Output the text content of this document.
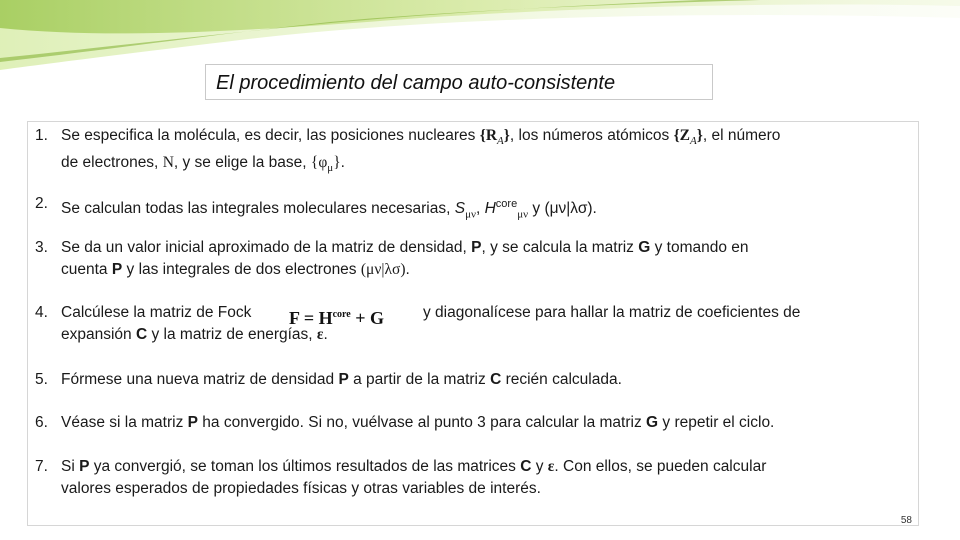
El procedimiento del campo auto-consistente
1. Se especifica la molécula, es decir, las posiciones nucleares $\{R_A\}$, los números atómicos $\{Z_A\}$, el número
de electrones, N, y se elige la base, $\{\varphi_\mu\}$.
2. Se calculan todas las integrales moleculares necesarias, $S_{\mu\nu}$, $H^{core}_{\mu\nu}$ y (μν|λσ).
3. Se da un valor inicial aproximado de la matriz de densidad, P, y se calcula la matriz G y tomando en
cuenta P y las integrales de dos electrones (μν|λσ).
4. Calcúlese la matriz de Fock $F = H^{core} + G$	y diagonalícese para hallar la matriz de coeficientes de
expansión C y la matriz de energías, ε.
5. Fórmese una nueva matriz de densidad P a partir de la matriz C recién calculada.
6. Véase si la matriz P ha convergido. Si no, vuélvase al punto 3 para calcular la matriz G y repetir el ciclo.
7. Si P ya convergió, se toman los últimos resultados de las matrices C y ε. Con ellos, se pueden calcular
valores esperados de propiedades físicas y otras variables de interés.
58
